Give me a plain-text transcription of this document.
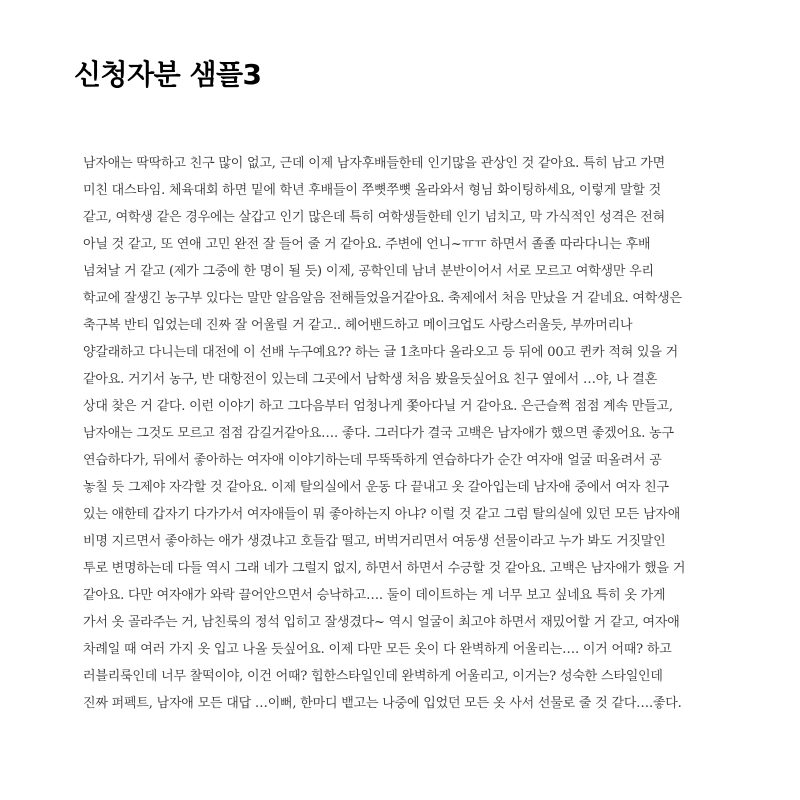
신청자분 샘플3
남자애는 딱딱하고 친구 많이 없고, 근데 이제 남자후배들한테 인기많을 관상인 것 같아요. 특히 남고 가면
미친 대스타임. 체육대회 하면 밑에 학년 후배들이 쭈뼛쭈뼛 올라와서 형님 화이팅하세요, 이렇게 말할 것
같고, 여학생 같은 경우에는 살갑고 인기 많은데 특히 여학생들한테 인기 넘치고, 막 가식적인 성격은 전혀
아닐 것 같고, 또 연애 고민 완전 잘 들어 줄 거 같아요. 주변에 언니~ㅠㅠ 하면서 졸졸 따라다니는 후배
넘쳐날 거 같고 (제가 그중에 한 명이 될 듯) 이제, 공학인데 남녀 분반이어서 서로 모르고 여학생만 우리
학교에 잘생긴 농구부 있다는 말만 알음알음 전해들었을거같아요. 축제에서 처음 만났을 거 같네요. 여학생은
축구복 반티 입었는데 진짜 잘 어울릴 거 같고.. 헤어밴드하고 메이크업도 사랑스러울듯, 부까머리나
양갈래하고 다니는데 대전에 이 선배 누구예요?? 하는 글 1초마다 올라오고 등 뒤에 00고 퀸카 적혀 있을 거
같아요. 거기서 농구, 반 대항전이 있는데 그곳에서 남학생 처음 봤을듯싶어요 친구 옆에서 …야, 나 결혼
상대 찾은 거 같다. 이런 이야기 하고 그다음부터 엄청나게 쫓아다닐 거 같아요. 은근슬쩍 점점 계속 만들고,
남자애는 그것도 모르고 점점 감길거같아요…. 좋다. 그러다가 결국 고백은 남자애가 했으면 좋겠어요. 농구
연습하다가, 뒤에서 좋아하는 여자애 이야기하는데 무뚝뚝하게 연습하다가 순간 여자애 얼굴 떠올려서 공
놓칠 듯 그제야 자각할 것 같아요. 이제 탈의실에서 운동 다 끝내고 옷 갈아입는데 남자애 중에서 여자 친구
있는 애한테 갑자기 다가가서 여자애들이 뭐 좋아하는지 아냐? 이럴 것 같고 그럼 탈의실에 있던 모든 남자애
비명 지르면서 좋아하는 애가 생겼냐고 호들갑 떨고, 버벅거리면서 여동생 선물이라고 누가 봐도 거짓말인
투로 변명하는데 다들 역시 그래 네가 그럴지 없지, 하면서 하면서 수긍할 것 같아요. 고백은 남자애가 했을 거
같아요. 다만 여자애가 와락 끌어안으면서 승낙하고…. 둘이 데이트하는 게 너무 보고 싶네요 특히 옷 가게
가서 옷 골라주는 거, 남친룩의 정석 입히고 잘생겼다~ 역시 얼굴이 최고야 하면서 재밌어할 거 같고, 여자애
차례일 때 여러 가지 옷 입고 나올 듯싶어요. 이제 다만 모든 옷이 다 완벽하게 어울리는…. 이거 어때? 하고
러블리룩인데 너무 찰떡이야, 이건 어때? 힙한스타일인데 완벽하게 어울리고, 이거는? 성숙한 스타일인데
진짜 퍼펙트, 남자애 모든 대답 …이뻐, 한마디 뱉고는 나중에 입었던 모든 옷 사서 선물로 줄 것 같다….좋다.
